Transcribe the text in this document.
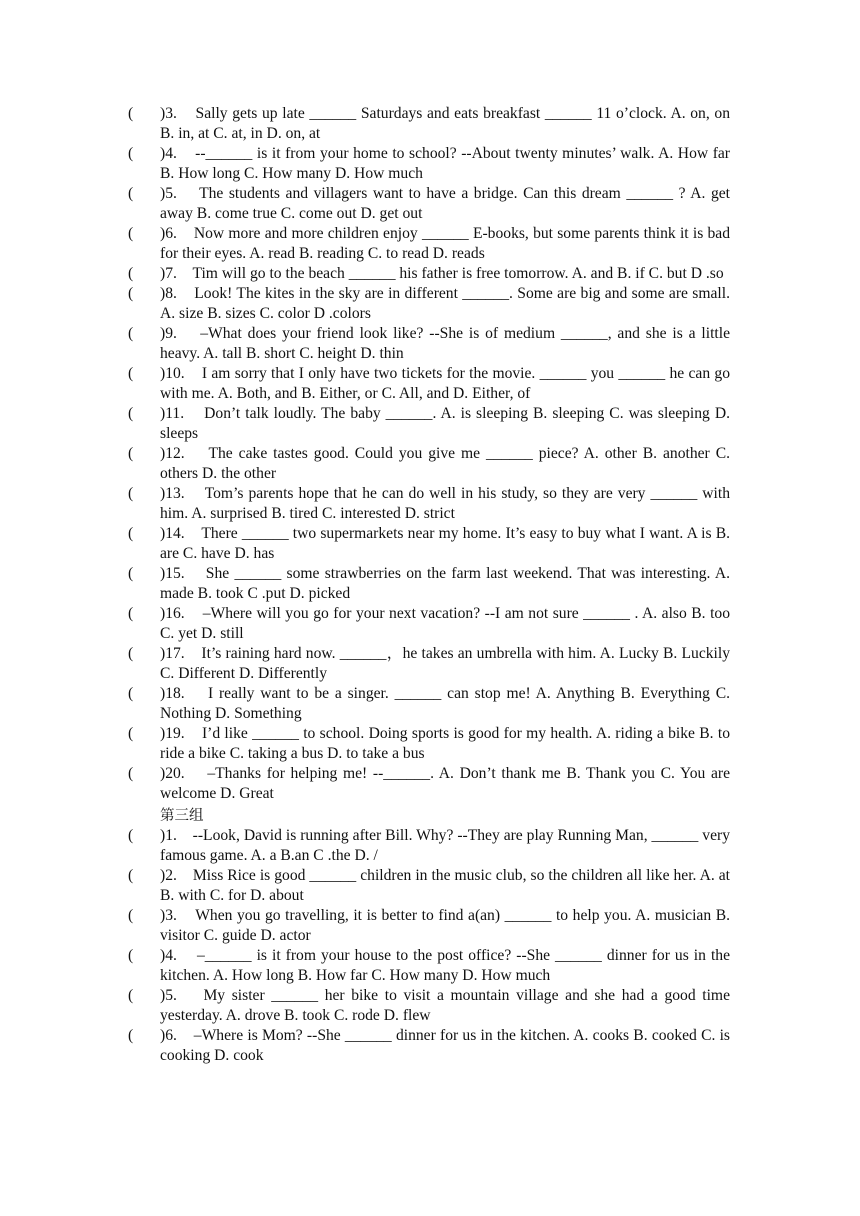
( )3. Sally gets up late ______ Saturdays and eats breakfast ______ 11 o’clock. A. on, on B. in, at C. at, in D. on, at

( )4. --______ is it from your home to school? --About twenty minutes’ walk. A. How far B. How long C. How many D. How much

( )5. The students and villagers want to have a bridge. Can this dream ______ ? A. get away B. come true C. come out D. get out

( )6. Now more and more children enjoy ______ E-books, but some parents think it is bad for their eyes. A. read B. reading C. to read D. reads

( )7. Tim will go to the beach ______ his father is free tomorrow. A. and B. if C. but D .so

( )8. Look! The kites in the sky are in different ______. Some are big and some are small. A. size B. sizes C. color D .colors

( )9. –What does your friend look like? --She is of medium ______, and she is a little heavy. A. tall B. short C. height D. thin

( )10. I am sorry that I only have two tickets for the movie. ______ you ______ he can go with me. A. Both, and B. Either, or C. All, and D. Either, of

( )11. Don’t talk loudly. The baby ______. A. is sleeping B. sleeping C. was sleeping D. sleeps

( )12. The cake tastes good. Could you give me ______ piece? A. other B. another C. others D. the other

( )13. Tom’s parents hope that he can do well in his study, so they are very ______ with him. A. surprised B. tired C. interested D. strict

( )14. There ______ two supermarkets near my home. It’s easy to buy what I want. A is B. are C. have D. has

( )15. She ______ some strawberries on the farm last weekend. That was interesting. A. made B. took C .put D. picked

( )16. –Where will you go for your next vacation? --I am not sure ______ . A. also B. too C. yet D. still

( )17. It’s raining hard now. ______，he takes an umbrella with him. A. Lucky B. Luckily C. Different D. Differently

( )18. I really want to be a singer. ______ can stop me! A. Anything B. Everything C. Nothing D. Something

( )19. I’d like ______ to school. Doing sports is good for my health. A. riding a bike B. to ride a bike C. taking a bus D. to take a bus

( )20. –Thanks for helping me! --______. A. Don’t thank me B. Thank you C. You are welcome D. Great

第三组

( )1. --Look, David is running after Bill. Why? --They are play Running Man, ______ very famous game. A. a B.an C .the D. /

( )2. Miss Rice is good ______ children in the music club, so the children all like her. A. at B. with C. for D. about

( )3. When you go travelling, it is better to find a(an) ______ to help you. A. musician B. visitor C. guide D. actor

( )4. –______ is it from your house to the post office? --She ______ dinner for us in the kitchen. A. How long B. How far C. How many D. How much

( )5. My sister ______ her bike to visit a mountain village and she had a good time yesterday. A. drove B. took C. rode D. flew

( )6. –Where is Mom? --She ______ dinner for us in the kitchen. A. cooks B. cooked C. is cooking D. cook
